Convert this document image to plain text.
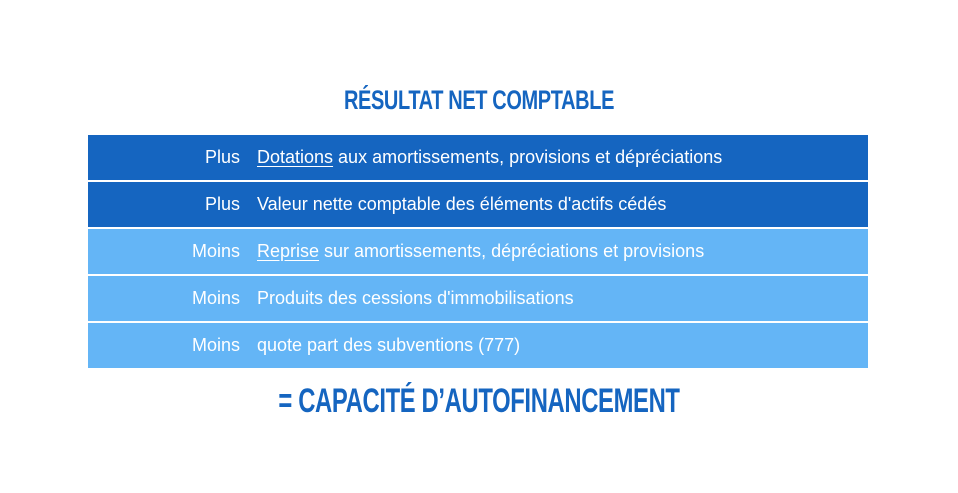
RÉSULTAT NET COMPTABLE
Plus Dotations aux amortissements, provisions et dépréciations
Plus Valeur nette comptable des éléments d'actifs cédés
Moins Reprise sur amortissements, dépréciations et provisions
Moins Produits des cessions d'immobilisations
Moins quote part des subventions (777)
= CAPACITÉ D’AUTOFINANCEMENT
